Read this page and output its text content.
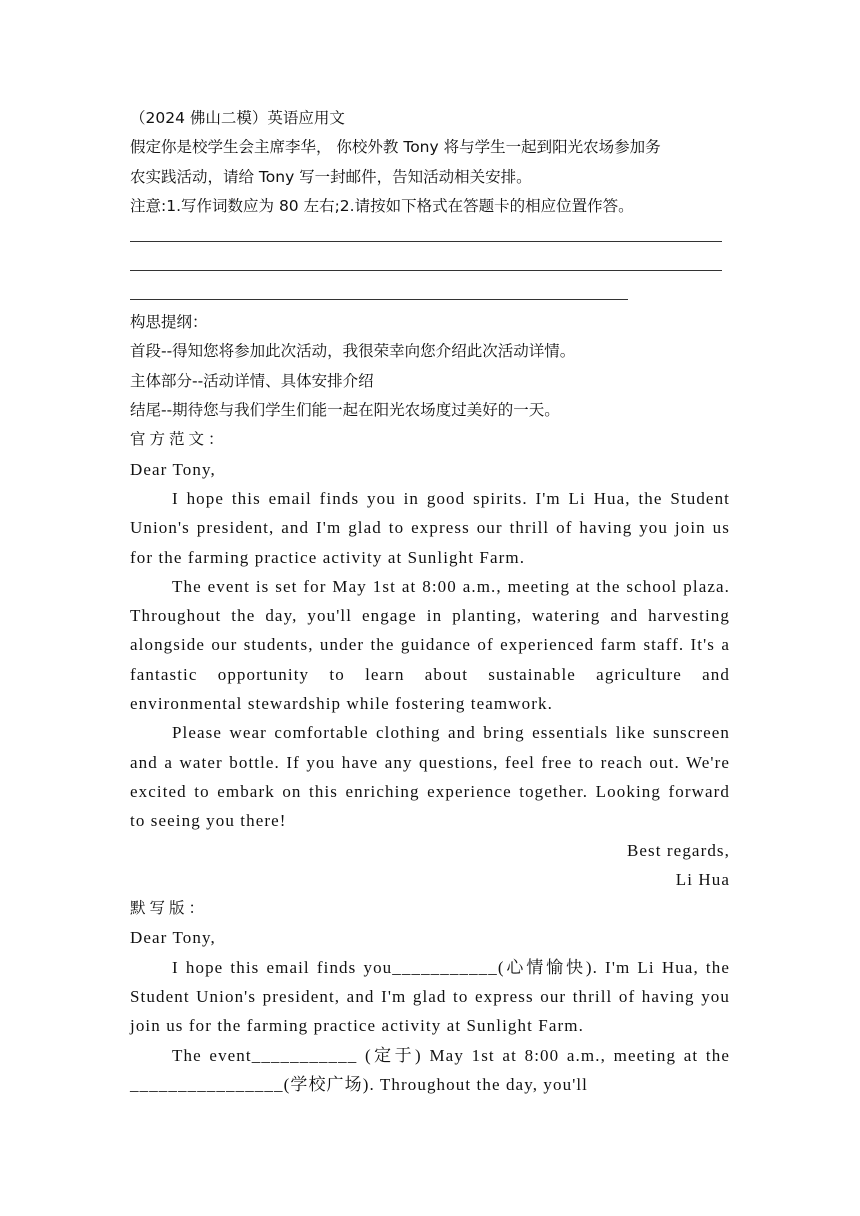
（2024 佛山二模）英语应用文
假定你是校学生会主席李华， 你校外教 Tony 将与学生一起到阳光农场参加务
农实践活动，请给 Tony 写一封邮件，告知活动相关安排。
注意:1.写作词数应为 80 左右;2.请按如下格式在答题卡的相应位置作答。
构思提纲：
首段--得知您将参加此次活动，我很荣幸向您介绍此次活动详情。
主体部分--活动详情、具体安排介绍
结尾--期待您与我们学生们能一起在阳光农场度过美好的一天。
官方范文：

Dear Tony,

I hope this email finds you in good spirits. I'm Li Hua, the Student Union's president, and I'm glad to express our thrill of having you join us for the farming practice activity at Sunlight Farm.

The event is set for May 1st at 8:00 a.m., meeting at the school plaza. Throughout the day, you'll engage in planting, watering and harvesting alongside our students, under the guidance of experienced farm staff. It's a fantastic opportunity to learn about sustainable agriculture and environmental stewardship while fostering teamwork.

Please wear comfortable clothing and bring essentials like sunscreen and a water bottle. If you have any questions, feel free to reach out. We're excited to embark on this enriching experience together. Looking forward to seeing you there!

Best regards,

Li Hua

默写版：

Dear Tony,

I hope this email finds you___________(心情愉快). I'm Li Hua, the Student Union's president, and I'm glad to express our thrill of having you join us for the farming practice activity at Sunlight Farm.

The event___________ (定于) May 1st at 8:00 a.m., meeting at the ________________(学校广场). Throughout the day, you'll
